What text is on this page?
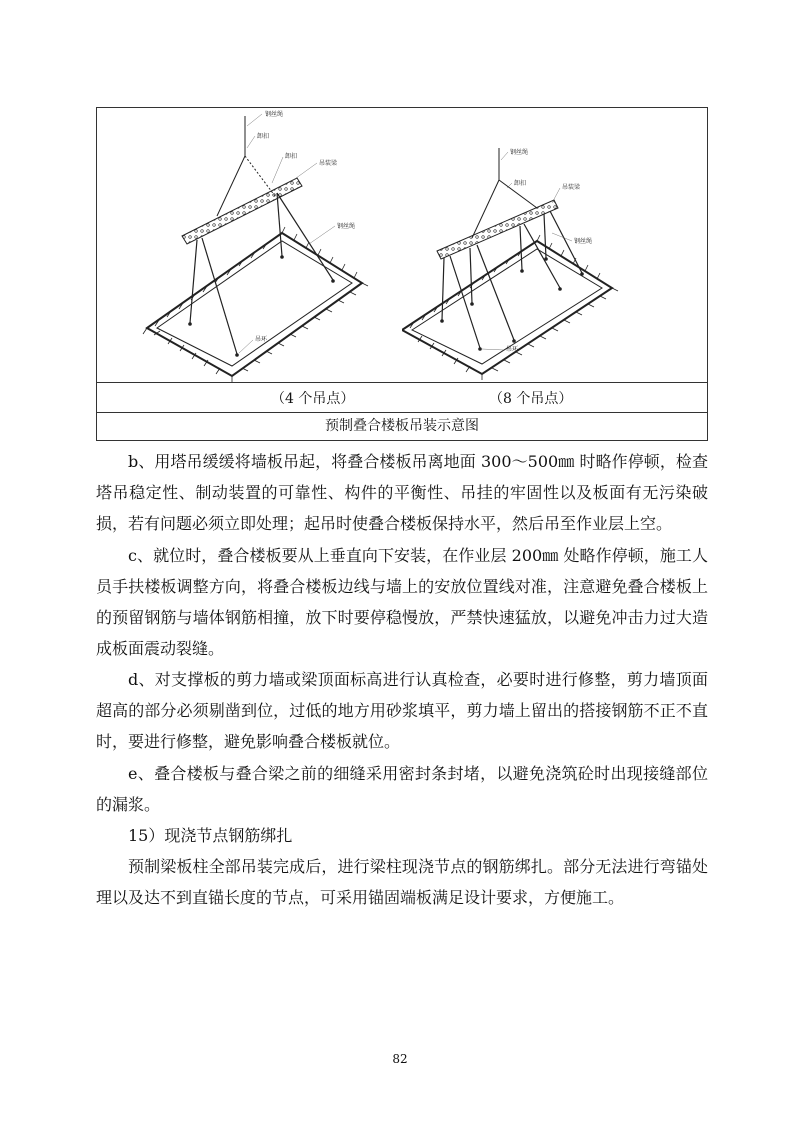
钢丝绳
卸扣
卸扣
吊装梁
钢丝绳
吊环
钢丝绳
卸扣
吊装梁
钢丝绳
吊环
（4 个吊点）	（8 个吊点）
预制叠合楼板吊装示意图

b、用塔吊缓缓将墙板吊起，将叠合楼板吊离地面 300～500㎜ 时略作停顿，检查塔吊稳定性、制动装置的可靠性、构件的平衡性、吊挂的牢固性以及板面有无污染破损，若有问题必须立即处理；起吊时使叠合楼板保持水平，然后吊至作业层上空。

c、就位时，叠合楼板要从上垂直向下安装，在作业层 200㎜ 处略作停顿，施工人员手扶楼板调整方向，将叠合楼板边线与墙上的安放位置线对准，注意避免叠合楼板上的预留钢筋与墙体钢筋相撞，放下时要停稳慢放，严禁快速猛放，以避免冲击力过大造成板面震动裂缝。

d、对支撑板的剪力墙或梁顶面标高进行认真检查，必要时进行修整，剪力墙顶面超高的部分必须剔凿到位，过低的地方用砂浆填平，剪力墙上留出的搭接钢筋不正不直时，要进行修整，避免影响叠合楼板就位。

e、叠合楼板与叠合梁之前的细缝采用密封条封堵，以避免浇筑砼时出现接缝部位的漏浆。

15）现浇节点钢筋绑扎

预制梁板柱全部吊装完成后，进行梁柱现浇节点的钢筋绑扎。部分无法进行弯锚处理以及达不到直锚长度的节点，可采用锚固端板满足设计要求，方便施工。

82
